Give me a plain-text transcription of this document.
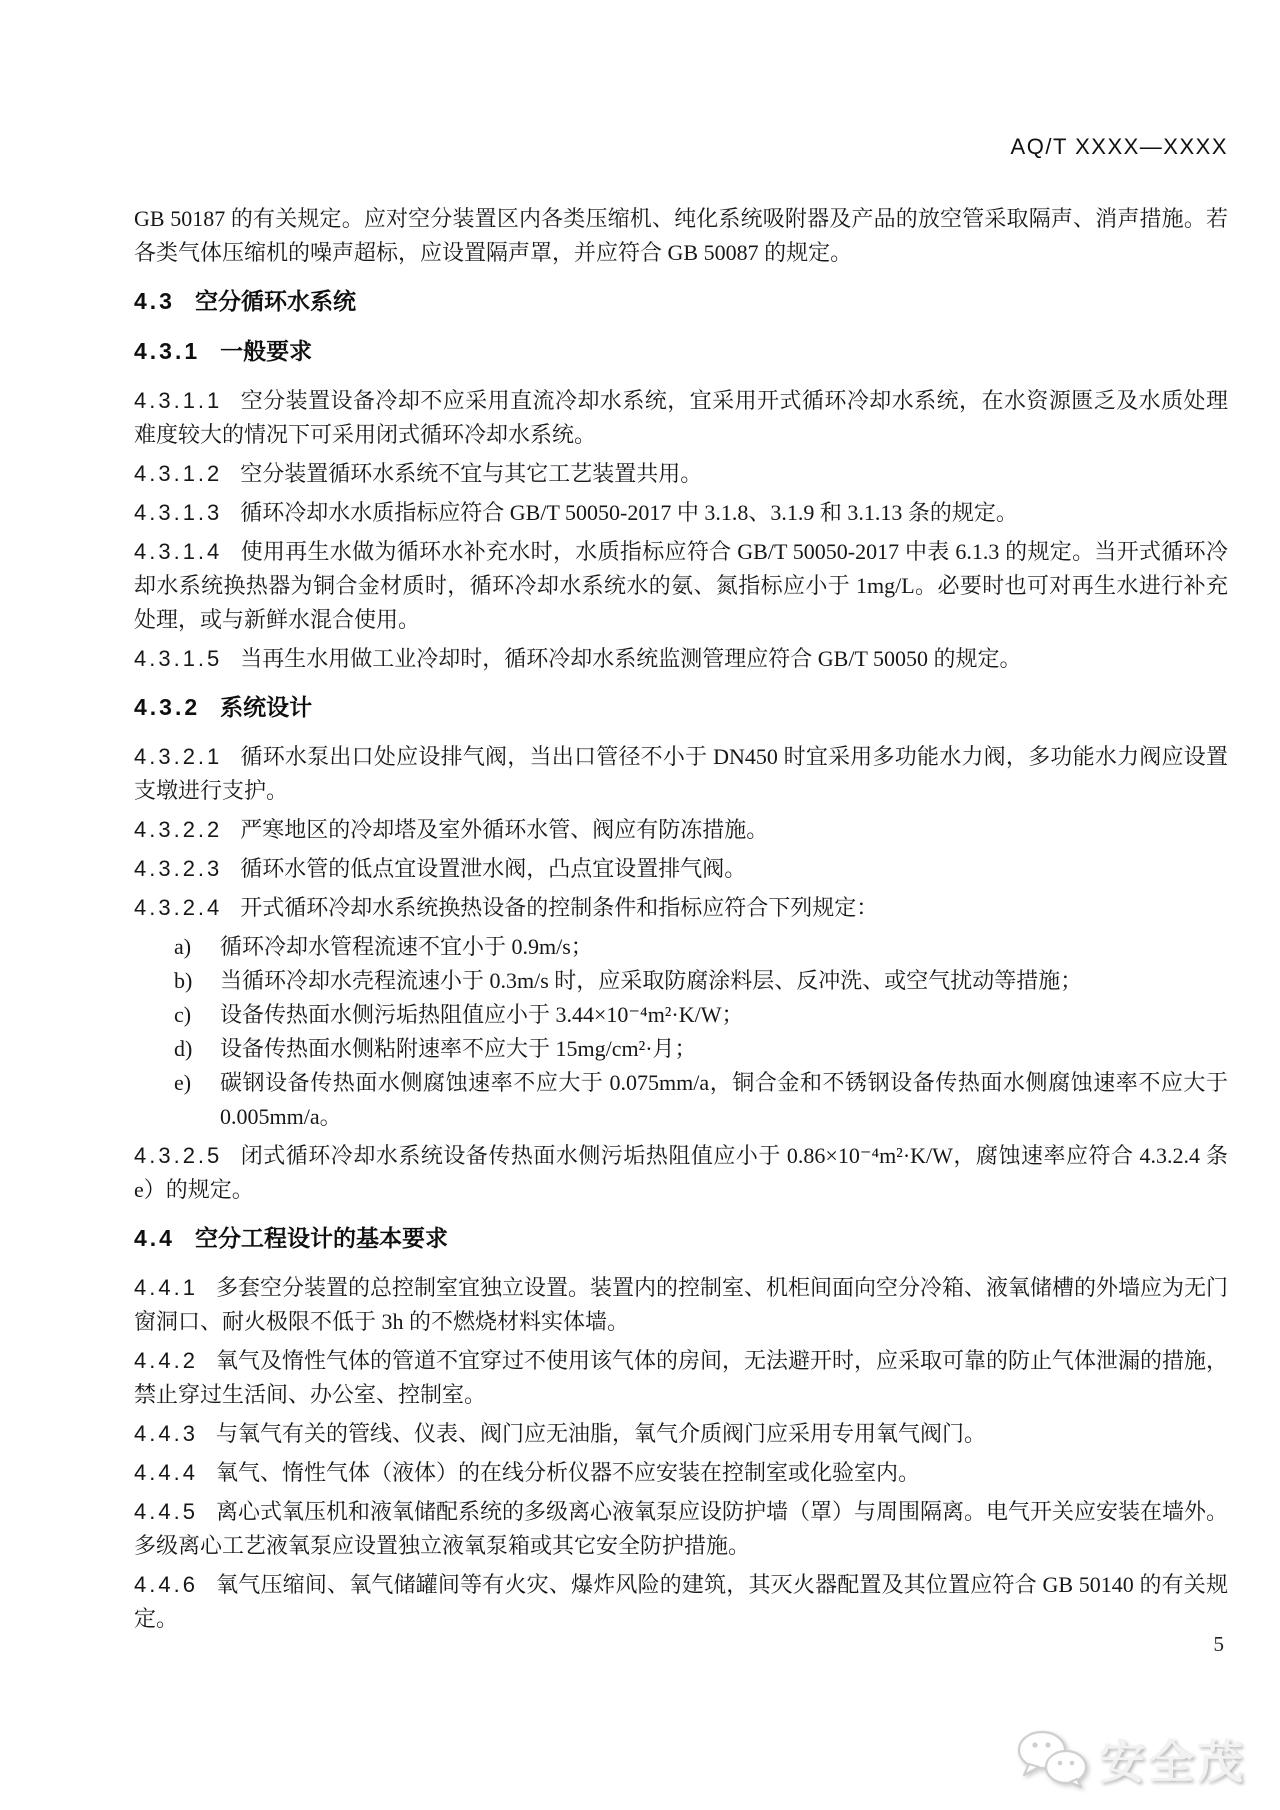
AQ/T XXXX—XXXX

GB 50187 的有关规定。应对空分装置区内各类压缩机、纯化系统吸附器及产品的放空管采取隔声、消声措施。若各类气体压缩机的噪声超标，应设置隔声罩，并应符合 GB 50087 的规定。

4.3 空分循环水系统
4.3.1 一般要求

4.3.1.1 空分装置设备冷却不应采用直流冷却水系统，宜采用开式循环冷却水系统，在水资源匮乏及水质处理难度较大的情况下可采用闭式循环冷却水系统。

4.3.1.2 空分装置循环水系统不宜与其它工艺装置共用。

4.3.1.3 循环冷却水水质指标应符合 GB/T 50050-2017 中 3.1.8、3.1.9 和 3.1.13 条的规定。

4.3.1.4 使用再生水做为循环水补充水时，水质指标应符合 GB/T 50050-2017 中表 6.1.3 的规定。当开式循环冷却水系统换热器为铜合金材质时，循环冷却水系统水的氨、氮指标应小于 1mg/L。必要时也可对再生水进行补充处理，或与新鲜水混合使用。

4.3.1.5 当再生水用做工业冷却时，循环冷却水系统监测管理应符合 GB/T 50050 的规定。

4.3.2 系统设计

4.3.2.1 循环水泵出口处应设排气阀，当出口管径不小于 DN450 时宜采用多功能水力阀，多功能水力阀应设置支墩进行支护。

4.3.2.2 严寒地区的冷却塔及室外循环水管、阀应有防冻措施。

4.3.2.3 循环水管的低点宜设置泄水阀，凸点宜设置排气阀。

4.3.2.4 开式循环冷却水系统换热设备的控制条件和指标应符合下列规定：

a)	循环冷却水管程流速不宜小于 0.9m/s；
b)	当循环冷却水壳程流速小于 0.3m/s 时，应采取防腐涂料层、反冲洗、或空气扰动等措施；
c)	设备传热面水侧污垢热阻值应小于 3.44×10⁻⁴m²·K/W；
d)	设备传热面水侧粘附速率不应大于 15mg/cm²·月；
e)	碳钢设备传热面水侧腐蚀速率不应大于 0.075mm/a，铜合金和不锈钢设备传热面水侧腐蚀速率不应大于 0.005mm/a。

4.3.2.5 闭式循环冷却水系统设备传热面水侧污垢热阻值应小于 0.86×10⁻⁴m²·K/W，腐蚀速率应符合 4.3.2.4 条 e）的规定。

4.4 空分工程设计的基本要求

4.4.1 多套空分装置的总控制室宜独立设置。装置内的控制室、机柜间面向空分冷箱、液氧储槽的外墙应为无门窗洞口、耐火极限不低于 3h 的不燃烧材料实体墙。

4.4.2 氧气及惰性气体的管道不宜穿过不使用该气体的房间，无法避开时，应采取可靠的防止气体泄漏的措施，禁止穿过生活间、办公室、控制室。

4.4.3 与氧气有关的管线、仪表、阀门应无油脂，氧气介质阀门应采用专用氧气阀门。

4.4.4 氧气、惰性气体（液体）的在线分析仪器不应安装在控制室或化验室内。

4.4.5 离心式氧压机和液氧储配系统的多级离心液氧泵应设防护墙（罩）与周围隔离。电气开关应安装在墙外。多级离心工艺液氧泵应设置独立液氧泵箱或其它安全防护措施。

4.4.6 氧气压缩间、氧气储罐间等有火灾、爆炸风险的建筑，其灭火器配置及其位置应符合 GB 50140 的有关规定。

5
安全茂
